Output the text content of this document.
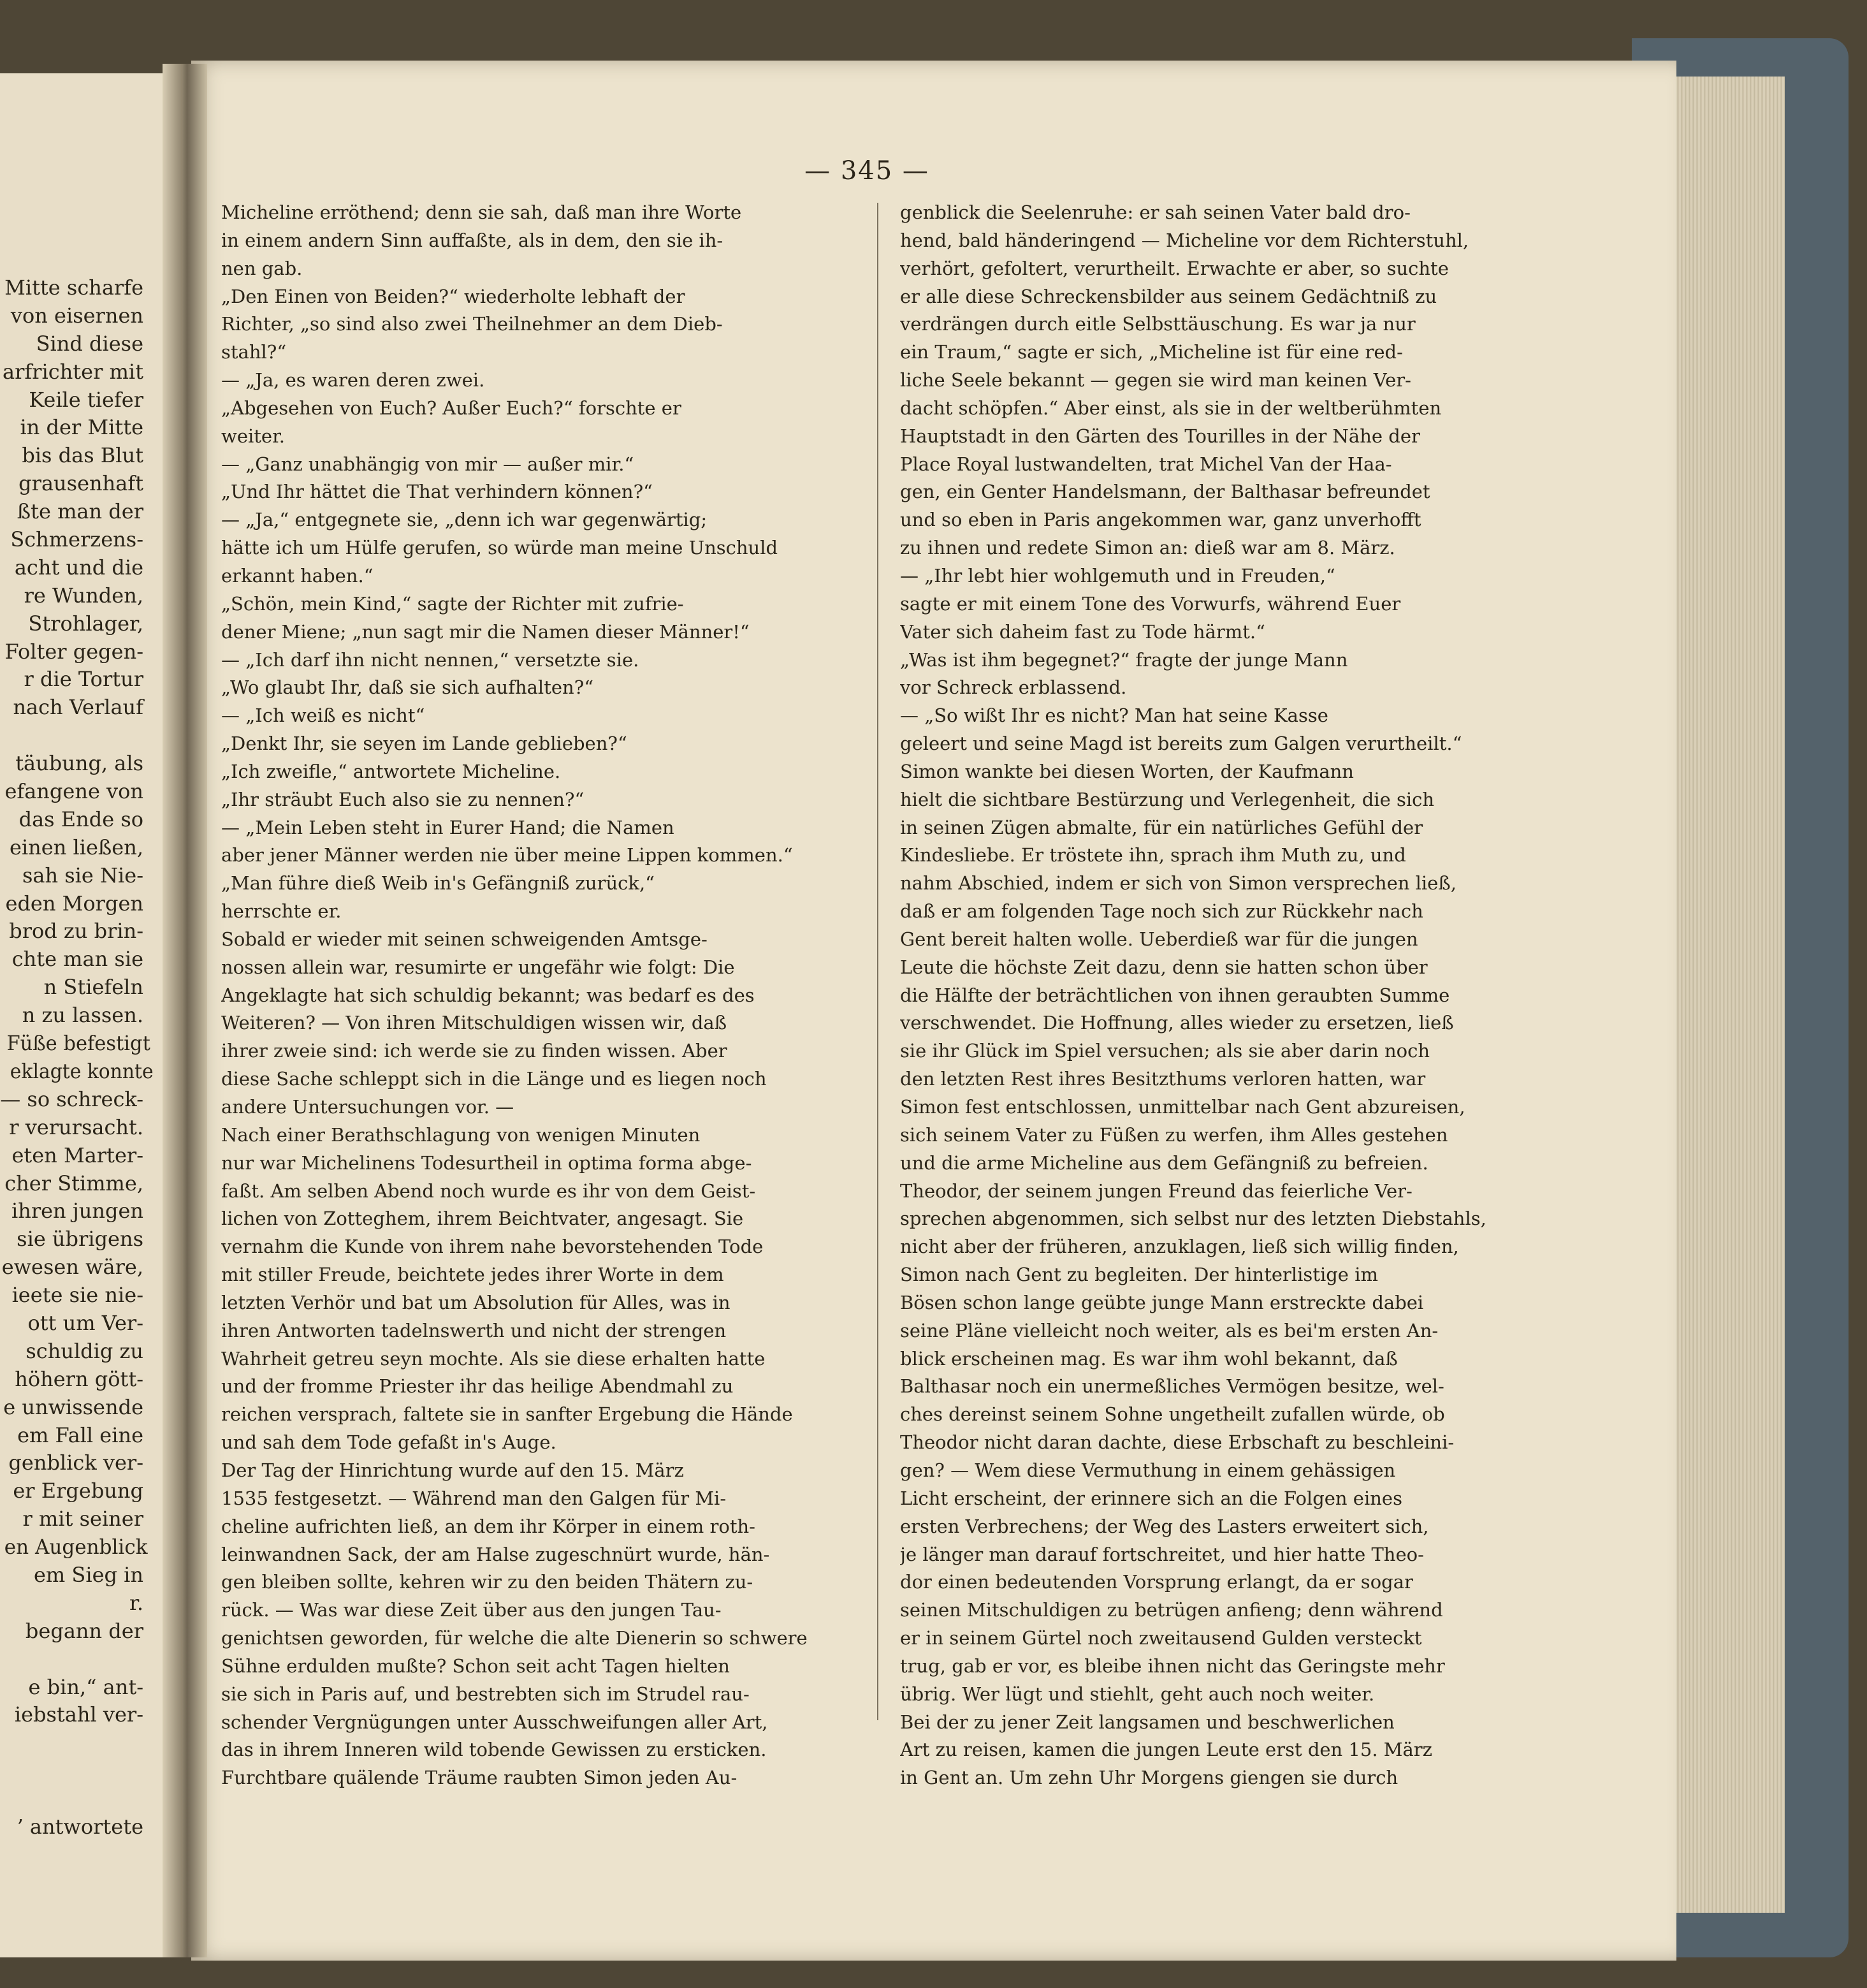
Mitte scharfe
von eisernen
Sind diese
arfrichter mit
Keile tiefer
in der Mitte
bis das Blut
grausenhaft
ßte man der
Schmerzens-
acht und die
re Wunden,
Strohlager,
Folter gegen-
r die Tortur
nach Verlauf
täubung, als
efangene von
das Ende so
einen ließen,
sah sie Nie-
eden Morgen
brod zu brin-
chte man sie
n Stiefeln
n zu lassen.
Füße befestigt
eklagte konnte
— so schreck-
r verursacht.
eten Marter-
cher Stimme,
ihren jungen
sie übrigens
ewesen wäre,
ieete sie nie-
ott um Ver-
schuldig zu
höhern gött-
e unwissende
em Fall eine
genblick ver-
er Ergebung
r mit seiner
en Augenblick
em Sieg in
r.
begann der
e bin,“ ant-
iebstahl ver-
’ antwortete
— 345 —
Micheline erröthend; denn sie sah, daß man ihre Worte
in einem andern Sinn auffaßte, als in dem, den sie ih-
nen gab.
„Den Einen von Beiden?“ wiederholte lebhaft der
Richter, „so sind also zwei Theilnehmer an dem Dieb-
stahl?“
— „Ja, es waren deren zwei.
„Abgesehen von Euch? Außer Euch?“ forschte er
weiter.
— „Ganz unabhängig von mir — außer mir.“
„Und Ihr hättet die That verhindern können?“
— „Ja,“ entgegnete sie, „denn ich war gegenwärtig;
hätte ich um Hülfe gerufen, so würde man meine Unschuld
erkannt haben.“
„Schön, mein Kind,“ sagte der Richter mit zufrie-
dener Miene; „nun sagt mir die Namen dieser Männer!“
— „Ich darf ihn nicht nennen,“ versetzte sie.
„Wo glaubt Ihr, daß sie sich aufhalten?“
— „Ich weiß es nicht“
„Denkt Ihr, sie seyen im Lande geblieben?“
„Ich zweifle,“ antwortete Micheline.
„Ihr sträubt Euch also sie zu nennen?“
— „Mein Leben steht in Eurer Hand; die Namen
aber jener Männer werden nie über meine Lippen kommen.“
„Man führe dieß Weib in's Gefängniß zurück,“
herrschte er.
Sobald er wieder mit seinen schweigenden Amtsge-
nossen allein war, resumirte er ungefähr wie folgt: Die
Angeklagte hat sich schuldig bekannt; was bedarf es des
Weiteren? — Von ihren Mitschuldigen wissen wir, daß
ihrer zweie sind: ich werde sie zu finden wissen. Aber
diese Sache schleppt sich in die Länge und es liegen noch
andere Untersuchungen vor. —
Nach einer Berathschlagung von wenigen Minuten
nur war Michelinens Todesurtheil in optima forma abge-
faßt. Am selben Abend noch wurde es ihr von dem Geist-
lichen von Zotteghem, ihrem Beichtvater, angesagt. Sie
vernahm die Kunde von ihrem nahe bevorstehenden Tode
mit stiller Freude, beichtete jedes ihrer Worte in dem
letzten Verhör und bat um Absolution für Alles, was in
ihren Antworten tadelnswerth und nicht der strengen
Wahrheit getreu seyn mochte. Als sie diese erhalten hatte
und der fromme Priester ihr das heilige Abendmahl zu
reichen versprach, faltete sie in sanfter Ergebung die Hände
und sah dem Tode gefaßt in's Auge.
Der Tag der Hinrichtung wurde auf den 15. März
1535 festgesetzt. — Während man den Galgen für Mi-
cheline aufrichten ließ, an dem ihr Körper in einem roth-
leinwandnen Sack, der am Halse zugeschnürt wurde, hän-
gen bleiben sollte, kehren wir zu den beiden Thätern zu-
rück. — Was war diese Zeit über aus den jungen Tau-
genichtsen geworden, für welche die alte Dienerin so schwere
Sühne erdulden mußte? Schon seit acht Tagen hielten
sie sich in Paris auf, und bestrebten sich im Strudel rau-
schender Vergnügungen unter Ausschweifungen aller Art,
das in ihrem Inneren wild tobende Gewissen zu ersticken.
Furchtbare quälende Träume raubten Simon jeden Au-
genblick die Seelenruhe: er sah seinen Vater bald dro-
hend, bald händeringend — Micheline vor dem Richterstuhl,
verhört, gefoltert, verurtheilt. Erwachte er aber, so suchte
er alle diese Schreckensbilder aus seinem Gedächtniß zu
verdrängen durch eitle Selbsttäuschung. Es war ja nur
ein Traum,“ sagte er sich, „Micheline ist für eine red-
liche Seele bekannt — gegen sie wird man keinen Ver-
dacht schöpfen.“ Aber einst, als sie in der weltberühmten
Hauptstadt in den Gärten des Tourilles in der Nähe der
Place Royal lustwandelten, trat Michel Van der Haa-
gen, ein Genter Handelsmann, der Balthasar befreundet
und so eben in Paris angekommen war, ganz unverhofft
zu ihnen und redete Simon an: dieß war am 8. März.
— „Ihr lebt hier wohlgemuth und in Freuden,“
sagte er mit einem Tone des Vorwurfs, während Euer
Vater sich daheim fast zu Tode härmt.“
„Was ist ihm begegnet?“ fragte der junge Mann
vor Schreck erblassend.
— „So wißt Ihr es nicht? Man hat seine Kasse
geleert und seine Magd ist bereits zum Galgen verurtheilt.“
Simon wankte bei diesen Worten, der Kaufmann
hielt die sichtbare Bestürzung und Verlegenheit, die sich
in seinen Zügen abmalte, für ein natürliches Gefühl der
Kindesliebe. Er tröstete ihn, sprach ihm Muth zu, und
nahm Abschied, indem er sich von Simon versprechen ließ,
daß er am folgenden Tage noch sich zur Rückkehr nach
Gent bereit halten wolle. Ueberdieß war für die jungen
Leute die höchste Zeit dazu, denn sie hatten schon über
die Hälfte der beträchtlichen von ihnen geraubten Summe
verschwendet. Die Hoffnung, alles wieder zu ersetzen, ließ
sie ihr Glück im Spiel versuchen; als sie aber darin noch
den letzten Rest ihres Besitzthums verloren hatten, war
Simon fest entschlossen, unmittelbar nach Gent abzureisen,
sich seinem Vater zu Füßen zu werfen, ihm Alles gestehen
und die arme Micheline aus dem Gefängniß zu befreien.
Theodor, der seinem jungen Freund das feierliche Ver-
sprechen abgenommen, sich selbst nur des letzten Diebstahls,
nicht aber der früheren, anzuklagen, ließ sich willig finden,
Simon nach Gent zu begleiten. Der hinterlistige im
Bösen schon lange geübte junge Mann erstreckte dabei
seine Pläne vielleicht noch weiter, als es bei'm ersten An-
blick erscheinen mag. Es war ihm wohl bekannt, daß
Balthasar noch ein unermeßliches Vermögen besitze, wel-
ches dereinst seinem Sohne ungetheilt zufallen würde, ob
Theodor nicht daran dachte, diese Erbschaft zu beschleini-
gen? — Wem diese Vermuthung in einem gehässigen
Licht erscheint, der erinnere sich an die Folgen eines
ersten Verbrechens; der Weg des Lasters erweitert sich,
je länger man darauf fortschreitet, und hier hatte Theo-
dor einen bedeutenden Vorsprung erlangt, da er sogar
seinen Mitschuldigen zu betrügen anfieng; denn während
er in seinem Gürtel noch zweitausend Gulden versteckt
trug, gab er vor, es bleibe ihnen nicht das Geringste mehr
übrig. Wer lügt und stiehlt, geht auch noch weiter.
Bei der zu jener Zeit langsamen und beschwerlichen
Art zu reisen, kamen die jungen Leute erst den 15. März
in Gent an. Um zehn Uhr Morgens giengen sie durch
